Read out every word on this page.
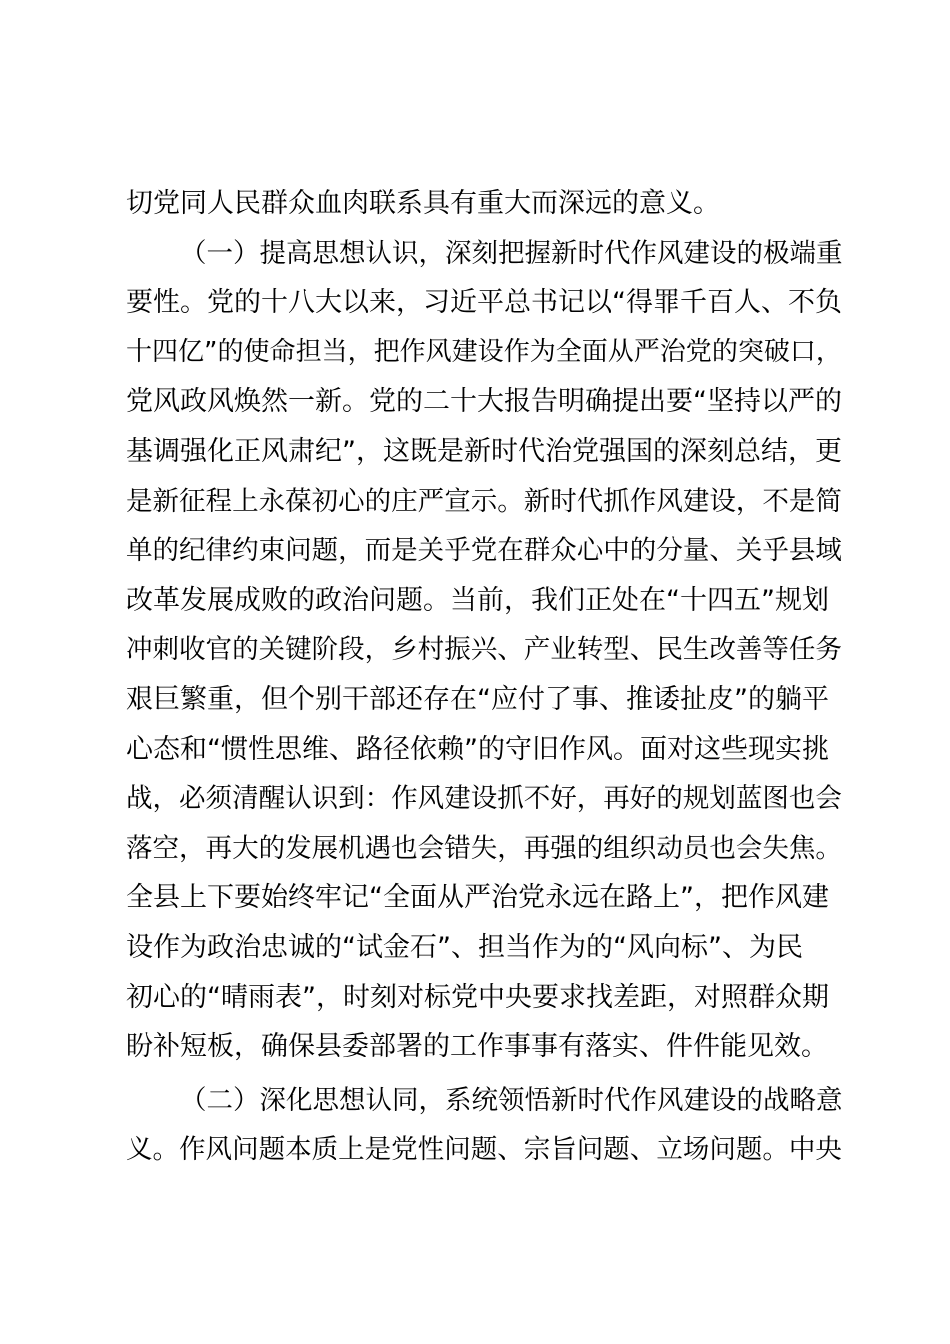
切党同人民群众血肉联系具有重大而深远的意义。
（一）提高思想认识，深刻把握新时代作风建设的极端重
要性。党的十八大以来，习近平总书记以“得罪千百人、不负
十四亿”的使命担当，把作风建设作为全面从严治党的突破口，
党风政风焕然一新。党的二十大报告明确提出要“坚持以严的
基调强化正风肃纪”，这既是新时代治党强国的深刻总结，更
是新征程上永葆初心的庄严宣示。新时代抓作风建设，不是简
单的纪律约束问题，而是关乎党在群众心中的分量、关乎县域
改革发展成败的政治问题。当前，我们正处在“十四五”规划
冲刺收官的关键阶段，乡村振兴、产业转型、民生改善等任务
艰巨繁重，但个别干部还存在“应付了事、推诿扯皮”的躺平
心态和“惯性思维、路径依赖”的守旧作风。面对这些现实挑
战，必须清醒认识到：作风建设抓不好，再好的规划蓝图也会
落空，再大的发展机遇也会错失，再强的组织动员也会失焦。
全县上下要始终牢记“全面从严治党永远在路上”，把作风建
设作为政治忠诚的“试金石”、担当作为的“风向标”、为民
初心的“晴雨表”，时刻对标党中央要求找差距，对照群众期
盼补短板，确保县委部署的工作事事有落实、件件能见效。
（二）深化思想认同，系统领悟新时代作风建设的战略意
义。作风问题本质上是党性问题、宗旨问题、立场问题。中央
